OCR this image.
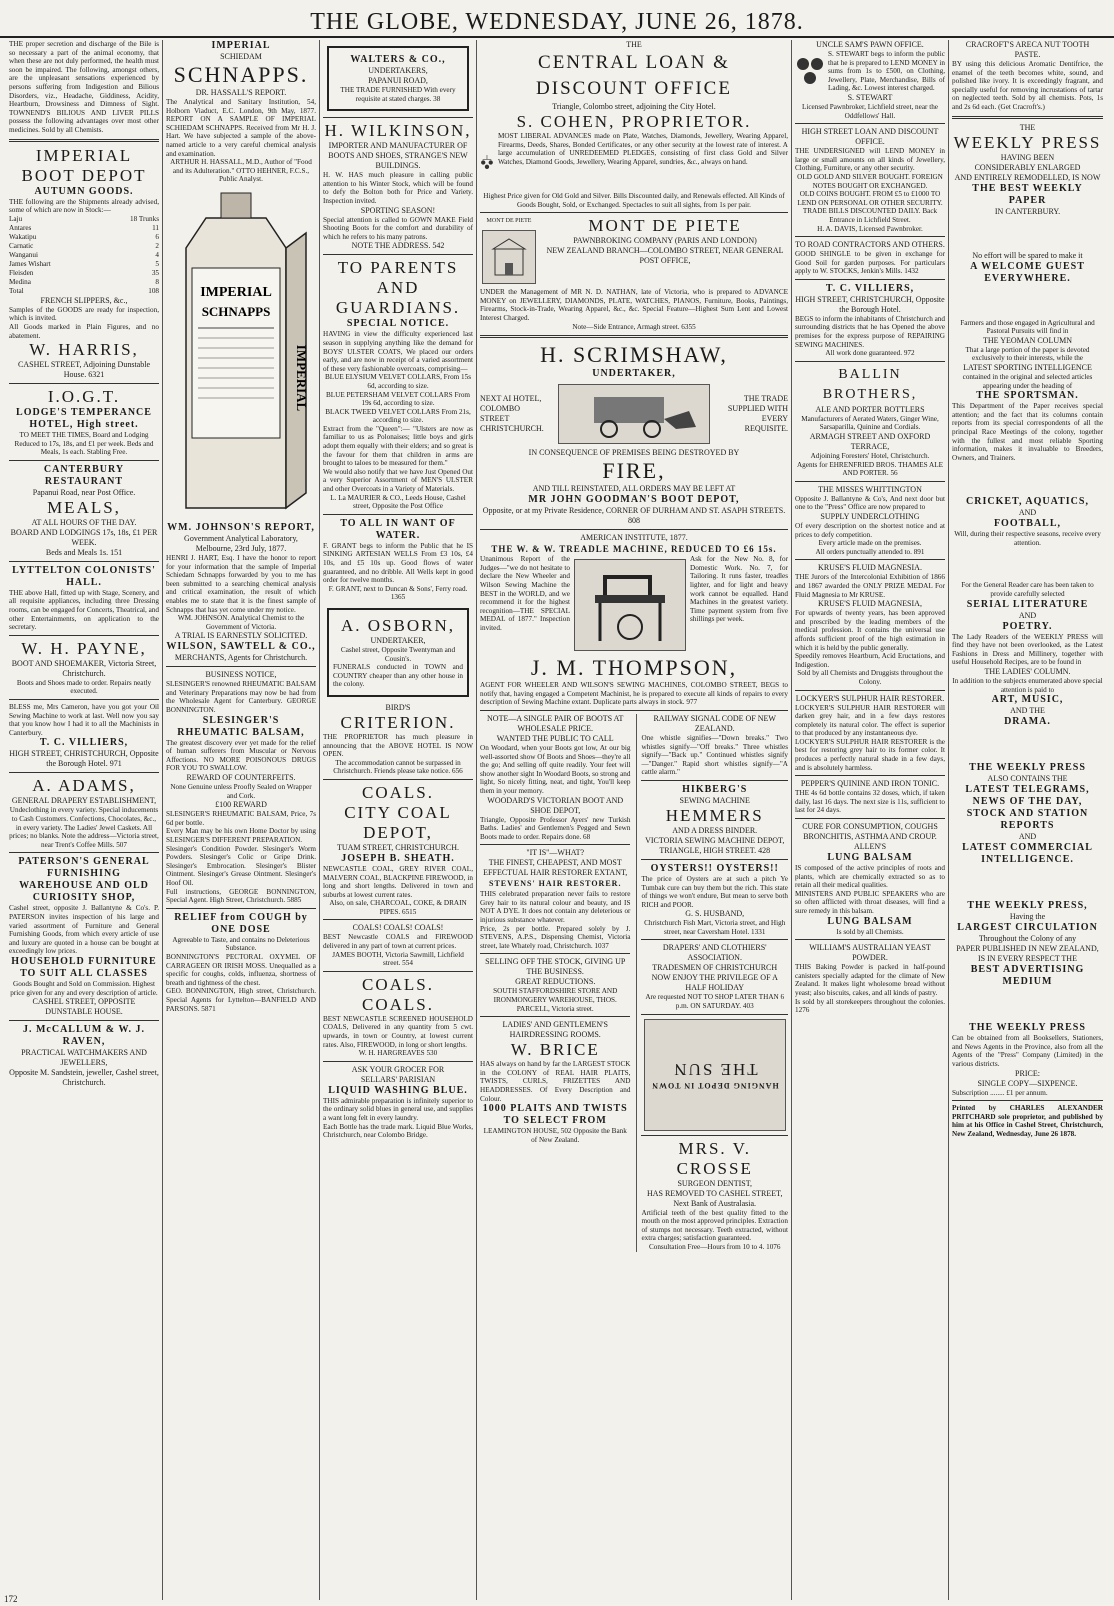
THE GLOBE, WEDNESDAY, JUNE 26, 1878.
THE proper secretion and discharge of the Bile is so necessary a part of the animal economy, that when these are not duly performed, the health must soon be impaired. The following, amongst others, are the unpleasant sensations experienced by persons suffering from Indigestion and Bilious Disorders, viz., Headache, Giddiness, Acidity, Heartburn, Drowsiness and Dimness of Sight. TOWNEND'S BILIOUS AND LIVER PILLS possess the following advantages over most other medicines. Sold by all Chemists.
IMPERIAL
BOOT DEPOT
AUTUMN GOODS.
THE following are the Shipments already advised, some of which are now in Stock:—
Laju	18 Trunks
Antares	11
Wakatipu	6
Carnatic	2
Wanganui	4
James Wishart	5
Fleisden	35
Medina	8
Total	108
FRENCH SLIPPERS, &c.,
Samples of the GOODS are ready for inspection, which is invited.
All Goods marked in Plain Figures, and no abatement.
W. HARRIS,
CASHEL STREET, Adjoining Dunstable House. 6321
I.O.G.T.
LODGE'S TEMPERANCE HOTEL, High street.
TO MEET THE TIMES, Board and Lodging Reduced to 17s, 18s, and £1 per week. Beds and Meals, 1s each. Stabling Free.
CANTERBURY RESTAURANT
Papanui Road, near Post Office.
MEALS,
AT ALL HOURS OF THE DAY.
BOARD AND LODGINGS 17s, 18s, £1 PER WEEK.
Beds and Meals 1s. 151
LYTTELTON COLONISTS' HALL.
THE above Hall, fitted up with Stage, Scenery, and all requisite appliances, including three Dressing rooms, can be engaged for Concerts, Theatrical, and other Entertainments, on application to the secretary.
W. H. PAYNE,
BOOT AND SHOEMAKER, Victoria Street, Christchurch.
Boots and Shoes made to order. Repairs neatly executed.
BLESS me, Mrs Cameron, have you got your Oil Sewing Machine to work at last. Well now you say that you know how I had it to all the Machinists in Canterbury.
T. C. VILLIERS,
HIGH STREET, CHRISTCHURCH, Opposite the Borough Hotel. 971
A. ADAMS,
GENERAL DRAPERY ESTABLISHMENT,
Undeclothing in every variety. Special inducements to Cash Customers. Confections, Chocolates, &c., in every variety. The Ladies' Jewel Caskets. All prices; no blanks. Note the address—Victoria street, near Trent's Coffee Mills. 507
PATERSON'S GENERAL FURNISHING WAREHOUSE AND OLD CURIOSITY SHOP,
Cashel street, opposite J. Ballantyne & Co's. P. PATERSON invites inspection of his large and varied assortment of Furniture and General Furnishing Goods, from which every article of use and luxury are quoted in a house can be bought at exceedingly low prices.
HOUSEHOLD FURNITURE TO SUIT ALL CLASSES
Goods Bought and Sold on Commission. Highest price given for any and every description of article.
CASHEL STREET, OPPOSITE DUNSTABLE HOUSE.
J. McCALLUM & W. J. RAVEN,
PRACTICAL WATCHMAKERS AND JEWELLERS,
Opposite M. Sandstein, jeweller, Cashel street, Christchurch.
IMPERIAL
SCHIEDAM
SCHNAPPS.
DR. HASSALL'S REPORT.
The Analytical and Sanitary Institution, 54, Holborn Viaduct, E.C. London, 9th May, 1877. REPORT ON A SAMPLE OF IMPERIAL SCHIEDAM SCHNAPPS. Received from Mr H. J. Hart. We have subjected a sample of the above-named article to a very careful chemical analysis and examination.
ARTHUR H. HASSALL, M.D., Author of "Food and its Adulteration." OTTO HEHNER, F.C.S., Public Analyst.
IMPERIAL
SCHNAPPS
IMPERIAL
WM. JOHNSON'S REPORT,
Government Analytical Laboratory, Melbourne, 23rd July, 1877.
HENRI J. HART, Esq. I have the honor to report for your information that the sample of Imperial Schiedam Schnapps forwarded by you to me has been submitted to a searching chemical analysis and critical examination, the result of which enables me to state that it is the finest sample of Schnapps that has yet come under my notice.
WM. JOHNSON. Analytical Chemist to the Government of Victoria.
A TRIAL IS EARNESTLY SOLICITED.
WILSON, SAWTELL & CO.,
MERCHANTS, Agents for Christchurch.
BUSINESS NOTICE,
SLESINGER'S renowned RHEUMATIC BALSAM and Veterinary Preparations may now be had from the Wholesale Agent for Canterbury. GEORGE BONNINGTON.
SLESINGER'S RHEUMATIC BALSAM,
The greatest discovery ever yet made for the relief of human sufferers from Muscular or Nervous Affections. NO MORE POISONOUS DRUGS FOR YOU TO SWALLOW.
REWARD OF COUNTERFEITS.
None Genuine unless Proofly Sealed on Wrapper and Cork.
£100 REWARD
SLESINGER'S RHEUMATIC BALSAM, Price, 7s 6d per bottle.
Every Man may be his own Home Doctor by using SLESINGER'S DIFFERENT PREPARATION.
Slesinger's Condition Powder. Slesinger's Worm Powders. Slesinger's Colic or Gripe Drink. Slesinger's Embrocation. Slesinger's Blister Ointment. Slesinger's Grease Ointment. Slesinger's Hoof Oil.
Full instructions, GEORGE BONNINGTON, Special Agent. High Street, Christchurch. 5885
RELIEF from COUGH by ONE DOSE
Agreeable to Taste, and contains no Deleterious Substance.
BONNINGTON'S PECTORAL OXYMEL OF CARRAGEEN OR IRISH MOSS. Unequalled as a specific for coughs, colds, influenza, shortness of breath and tightness of the chest.
GEO. BONNINGTON, High street, Christchurch. Special Agents for Lyttelton—BANFIELD AND PARSONS. 5871
WALTERS & CO.,
UNDERTAKERS,
PAPANUI ROAD,
THE TRADE FURNISHED With every requisite at stated charges. 38
H. WILKINSON,
IMPORTER AND MANUFACTURER OF BOOTS AND SHOES, STRANGE'S NEW BUILDINGS.
H. W. HAS much pleasure in calling public attention to his Winter Stock, which will be found to defy the Bolton both for Price and Variety. Inspection invited.
SPORTING SEASON!
Special attention is called to GOWN MAKE Field Shooting Boots for the comfort and durability of which he refers to his many patrons.
NOTE THE ADDRESS. 542
TO PARENTS AND GUARDIANS.
SPECIAL NOTICE.
HAVING in view the difficulty experienced last season in supplying anything like the demand for BOYS' ULSTER COATS, We placed our orders early, and are now in receipt of a varied assortment of these very fashionable overcoats, comprising—
BLUE ELYSIUM VELVET COLLARS, From 15s 6d, according to size.
BLUE PETERSHAM VELVET COLLARS From 19s 6d, according to size.
BLACK TWEED VELVET COLLARS From 21s, according to size.
Extract from the "Queen":— "Ulsters are now as familiar to us as Polonaises; little boys and girls adopt them equally with their elders; and so great is the favour for them that children in arms are brought to taloes to be measured for them."
We would also notify that we have Just Opened Out a very Superior Assortment of MEN'S ULSTER and other Overcoats in a Variety of Materials.
L. La MAURIER & CO., Leeds House, Cashel street, Opposite the Post Office
TO ALL IN WANT OF WATER.
F. GRANT begs to inform the Public that he IS SINKING ARTESIAN WELLS From £3 10s, £4 10s, and £5 10s up. Good flows of water guaranteed, and no dribble. All Wells kept in good order for twelve months.
F. GRANT, next to Duncan & Sons', Ferry road. 1365
A. OSBORN,
UNDERTAKER,
Cashel street, Opposite Twentyman and Cousin's.
FUNERALS conducted in TOWN and COUNTRY cheaper than any other house in the colony.
BIRD'S
CRITERION.
THE PROPRIETOR has much pleasure in announcing that the ABOVE HOTEL IS NOW OPEN.
The accommodation cannot be surpassed in Christchurch. Friends please take notice. 656
COALS.
CITY COAL DEPOT,
TUAM STREET, CHRISTCHURCH.
JOSEPH B. SHEATH.
NEWCASTLE COAL, GREY RIVER COAL, MALVERN COAL, BLACKPINE FIREWOOD, in long and short lengths. Delivered in town and suburbs at lowest current rates.
Also, on sale, CHARCOAL, COKE, & DRAIN PIPES. 6515
COALS! COALS! COALS!
BEST Newcastle COALS and FIREWOOD delivered in any part of town at current prices.
JAMES BOOTH, Victoria Sawmill, Lichfield street. 554
COALS. COALS.
BEST NEWCASTLE SCREENED HOUSEHOLD COALS, Delivered in any quantity from 5 cwt. upwards, in town or Country, at lowest current rates. Also, FIREWOOD, in long or short lengths.
W. H. HARGREAVES 530
ASK YOUR GROCER FOR
SELLARS' PARISIAN
LIQUID WASHING BLUE.
THIS admirable preparation is infinitely superior to the ordinary solid blues in general use, and supplies a want long felt in every laundry.
Each Bottle has the trade mark. Liquid Blue Works, Christchurch, near Colombo Bridge.
THE
CENTRAL LOAN & DISCOUNT OFFICE
Triangle, Colombo street, adjoining the City Hotel.
S. COHEN, PROPRIETOR.
MOST LIBERAL ADVANCES made on Plate, Watches, Diamonds, Jewellery, Wearing Apparel, Firearms, Deeds, Shares, Bonded Certificates, or any other security at the lowest rate of interest. A large accumulation of UNREDEEMED PLEDGES, consisting of first class Gold and Silver Watches, Diamond Goods, Jewellery, Wearing Apparel, sundries, &c., always on hand.
Highest Price given for Old Gold and Silver. Bills Discounted daily, and Renewals effected. All Kinds of Goods Bought, Sold, or Exchanged. Spectacles to suit all sights, from 1s per pair.
MONT DE PIETE	MONT DE PIETE
PAWNBROKING COMPANY (PARIS AND LONDON)
NEW ZEALAND BRANCH—COLOMBO STREET, NEAR GENERAL POST OFFICE,
UNDER the Management of MR N. D. NATHAN, late of Victoria, who is prepared to ADVANCE MONEY on JEWELLERY, DIAMONDS, PLATE, WATCHES, PIANOS, Furniture, Books, Paintings, Firearms, Stock-in-Trade, Wearing Apparel, &c., &c. Special Feature—Highest Sum Lent and Lowest Interest Charged.
Note—Side Entrance, Armagh street. 6355
H. SCRIMSHAW,
UNDERTAKER,
NEXT AI HOTEL, COLOMBO STREET CHRISTCHURCH.
THE TRADE SUPPLIED WITH EVERY REQUISITE.
IN CONSEQUENCE OF PREMISES BEING DESTROYED BY
FIRE,
AND TILL REINSTATED, ALL ORDERS MAY BE LEFT AT
MR JOHN GOODMAN'S BOOT DEPOT,
Opposite, or at my Private Residence, CORNER OF DURHAM AND ST. ASAPH STREETS. 808
AMERICAN INSTITUTE, 1877.
THE W. & W. TREADLE MACHINE, REDUCED TO £6 15s.
Unanimous Report of the Judges—"we do not hesitate to declare the New Wheeler and Wilson Sewing Machine the BEST in the WORLD, and we recommend it for the highest recognition—THE SPECIAL MEDAL of 1877." Inspection invited.
Ask for the New No. 8, for Domestic Work. No. 7, for Tailoring. It runs faster, treadles lighter, and for light and heavy work cannot be equalled. Hand Machines in the greatest variety. Time payment system from five shillings per week.
J. M. THOMPSON,
AGENT FOR WHEELER AND WILSON'S SEWING MACHINES, COLOMBO STREET, BEGS to notify that, having engaged a Competent Machinist, he is prepared to execute all kinds of repairs to every description of Sewing Machine extant. Duplicate parts always in stock. 977
NOTE—A SINGLE PAIR OF BOOTS AT WHOLESALE PRICE.
WANTED THE PUBLIC TO CALL
On Woodard, when your Boots got low, At our big well-assorted show Of Boots and Shoes—they're all the go; And selling off quite readily. Your feet will show another sight In Woodard Boots, so strong and light, So nicely fitting, neat, and tight, You'll keep them in your memory.
WOODARD'S VICTORIAN BOOT AND SHOE DEPOT,
Triangle, Opposite Professor Ayers' new Turkish Baths. Ladies' and Gentlemen's Pegged and Sewn Boots made to order. Repairs done. 68
"IT IS"—WHAT?
THE FINEST, CHEAPEST, AND MOST EFFECTUAL HAIR RESTORER EXTANT,
STEVENS' HAIR RESTORER.
THIS celebrated preparation never fails to restore Grey hair to its natural colour and beauty, and IS NOT A DYE. It does not contain any deleterious or injurious substance whatever.
Price, 2s per bottle. Prepared solely by J. STEVENS, A.P.S., Dispensing Chemist, Victoria street, late Whately road, Christchurch. 1037
SELLING OFF THE STOCK, GIVING UP THE BUSINESS.
GREAT REDUCTIONS.
SOUTH STAFFORDSHIRE STORE AND IRONMONGERY WAREHOUSE, THOS. PARCELL, Victoria street.
LADIES' AND GENTLEMEN'S HAIRDRESSING ROOMS.
W. BRICE
HAS always on hand by far the LARGEST STOCK in the COLONY of REAL HAIR PLAITS, TWISTS, CURLS, FRIZETTES AND HEADDRESSES. Of Every Description and Colour.
1000 PLAITS AND TWISTS TO SELECT FROM
LEAMINGTON HOUSE, 502 Opposite the Bank of New Zealand.
RAILWAY SIGNAL CODE OF NEW ZEALAND.
One whistle signifies—"Down breaks." Two whistles signify—"Off breaks." Three whistles signify—"Back up." Continued whistles signify—"Danger." Rapid short whistles signify—"A cattle alarm."
HIKBERG'S
SEWING MACHINE
HEMMERS
AND A DRESS BINDER.
VICTORIA SEWING MACHINE DEPOT, TRIANGLE, HIGH STREET. 428
OYSTERS!! OYSTERS!!
The price of Oysters are at such a pitch Ye Tumbak cure can buy them but the rich. This state of things we won't endure, But mean to serve both RICH and POOR.
G. S. HUSBAND,
Christchurch Fish Mart, Victoria street, and High street, near Caversham Hotel. 1331
DRAPERS' AND CLOTHIERS' ASSOCIATION.
TRADESMEN OF CHRISTCHURCH
NOW ENJOY THE PRIVILEGE OF A HALF HOLIDAY
Are requested NOT TO SHOP LATER THAN 6 p.m. ON SATURDAY. 403
HANGING DEPOT IN TOWN
THE SUN
MRS. V. CROSSE
SURGEON DENTIST,
HAS REMOVED TO CASHEL STREET, Next Bank of Australasia.
Artificial teeth of the best quality fitted to the mouth on the most approved principles. Extraction of stumps not necessary. Teeth extracted, without extra charges; satisfaction guaranteed.
Consultation Free—Hours from 10 to 4. 1076
UNCLE SAM'S PAWN OFFICE.
S. STEWART begs to inform the public that he is prepared to LEND MONEY in sums from 1s to £500, on Clothing, Jewellery, Plate, Merchandise, Bills of Lading, &c. Lowest interest charged.
S. STEWART
Licensed Pawnbroker, Lichfield street, near the Oddfellows' Hall.
HIGH STREET LOAN AND DISCOUNT OFFICE.
THE UNDERSIGNED will LEND MONEY in large or small amounts on all kinds of Jewellery, Clothing, Furniture, or any other security.
OLD GOLD AND SILVER BOUGHT. FOREIGN NOTES BOUGHT OR EXCHANGED.
OLD COINS BOUGHT. FROM £5 to £1000 TO LEND ON PERSONAL OR OTHER SECURITY. TRADE BILLS DISCOUNTED DAILY. Back Entrance in Lichfield Street.
H. A. DAVIS, Licensed Pawnbroker.
TO ROAD CONTRACTORS AND OTHERS.
GOOD SHINGLE to be given in exchange for Good Soil for garden purposes. For particulars apply to W. STOCKS, Jenkin's Mills. 1432
T. C. VILLIERS,
HIGH STREET, CHRISTCHURCH, Opposite the Borough Hotel.
BEGS to inform the inhabitants of Christchurch and surrounding districts that he has Opened the above premises for the express purpose of REPAIRING SEWING MACHINES.
All work done guaranteed. 972
BALLIN BROTHERS,
ALE AND PORTER BOTTLERS
Manufacturers of Aerated Waters, Ginger Wine, Sarsaparilla, Quinine and Cordials.
ARMAGH STREET AND OXFORD TERRACE,
Adjoining Foresters' Hotel, Christchurch.
Agents for EHRENFRIED BROS. THAMES ALE AND PORTER. 56
THE MISSES WHITTINGTON
Opposite J. Ballantyne & Co's, And next door but one to the "Press" Office are now prepared to
SUPPLY UNDERCLOTHING
Of every description on the shortest notice and at prices to defy competition.
Every article made on the premises.
All orders punctually attended to. 891
KRUSE'S FLUID MAGNESIA.
THE Jurors of the Intercolonial Exhibition of 1866 and 1867 awarded the ONLY PRIZE MEDAL For Fluid Magnesia to Mr KRUSE.
KRUSE'S FLUID MAGNESIA,
For upwards of twenty years, has been approved and prescribed by the leading members of the medical profession. It contains the universal use affords sufficient proof of the high estimation in which it is held by the public generally.
Speedily removes Heartburn, Acid Eructations, and Indigestion.
Sold by all Chemists and Druggists throughout the Colony.
LOCKYER'S SULPHUR HAIR RESTORER.
LOCKYER'S SULPHUR HAIR RESTORER will darken grey hair, and in a few days restores completely its natural color. The effect is superior to that produced by any instantaneous dye.
LOCKYER'S SULPHUR HAIR RESTORER is the best for restoring grey hair to its former color. It produces a perfectly natural shade in a few days, and is absolutely harmless.
PEPPER'S QUININE AND IRON TONIC.
THE 4s 6d bottle contains 32 doses, which, if taken daily, last 16 days. The next size is 11s, sufficient to last for 24 days.
CURE FOR CONSUMPTION, COUGHS BRONCHITIS, ASTHMA AND CROUP.
ALLEN'S
LUNG BALSAM
IS composed of the active principles of roots and plants, which are chemically extracted so as to retain all their medical qualities.
MINISTERS AND PUBLIC SPEAKERS who are so often afflicted with throat diseases, will find a sure remedy in this balsam.
LUNG BALSAM
Is sold by all Chemists.
WILLIAM'S AUSTRALIAN YEAST POWDER.
THIS Baking Powder is packed in half-pound canisters specially adapted for the climate of New Zealand. It makes light wholesome bread without yeast; also biscuits, cakes, and all kinds of pastry.
Is sold by all storekeepers throughout the colonies. 1276
CRACROFT'S ARECA NUT TOOTH PASTE.
BY using this delicious Aromatic Dentifrice, the enamel of the teeth becomes white, sound, and polished like ivory. It is exceedingly fragrant, and specially useful for removing incrustations of tartar on neglected teeth. Sold by all chemists. Pots, 1s and 2s 6d each. (Get Cracroft's.)
THE
WEEKLY PRESS
HAVING BEEN
CONSIDERABLY ENLARGED
AND ENTIRELY REMODELLED, IS NOW
THE BEST WEEKLY PAPER
IN CANTERBURY.
No effort will be spared to make it
A WELCOME GUEST EVERYWHERE.
Farmers and those engaged in Agricultural and Pastoral Pursuits will find in
THE YEOMAN COLUMN
That a large portion of the paper is devoted exclusively to their interests, while the
LATEST SPORTING INTELLIGENCE
contained in the original and selected articles appearing under the heading of
THE SPORTSMAN.
This Department of the Paper receives special attention; and the fact that its columns contain reports from its special correspondents of all the principal Race Meetings of the colony, together with the fullest and most reliable Sporting information, makes it invaluable to Breeders, Owners, and Trainers.
CRICKET, AQUATICS,
AND
FOOTBALL,
Will, during their respective seasons, receive every attention.
For the General Reader care has been taken to provide carefully selected
SERIAL LITERATURE
AND
POETRY.
The Lady Readers of the WEEKLY PRESS will find they have not been overlooked, as the Latest Fashions in Dress and Millinery, together with useful Household Recipes, are to be found in
THE LADIES' COLUMN.
In addition to the subjects enumerated above special attention is paid to
ART, MUSIC,
AND THE
DRAMA.
THE WEEKLY PRESS
ALSO CONTAINS THE
LATEST TELEGRAMS,
NEWS OF THE DAY,
STOCK AND STATION REPORTS
AND
LATEST COMMERCIAL INTELLIGENCE.
THE WEEKLY PRESS,
Having the
LARGEST CIRCULATION
Throughout the Colony of any
PAPER PUBLISHED IN NEW ZEALAND,
IS IN EVERY RESPECT THE
BEST ADVERTISING MEDIUM
THE WEEKLY PRESS
Can be obtained from all Booksellers, Stationers, and News Agents in the Province, also from all the Agents of the "Press" Company (Limited) in the various districts.
PRICE:
SINGLE COPY—SIXPENCE.
Subscription ........ £1 per annum.
Printed by CHARLES ALEXANDER PRITCHARD sole proprietor, and published by him at his Office in Cashel Street, Christchurch, New Zealand, Wednesday, June 26 1878.
172
